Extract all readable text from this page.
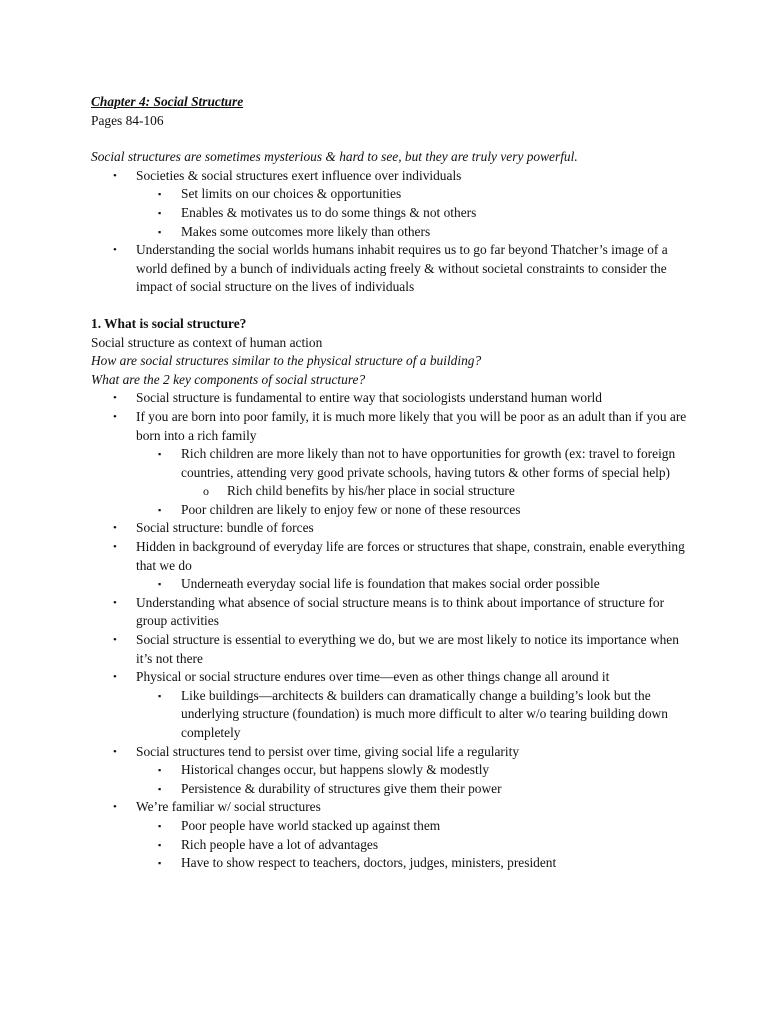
Chapter 4: Social Structure
Pages 84-106
Social structures are sometimes mysterious & hard to see, but they are truly very powerful.
• Societies & social structures exert influence over individuals
▪ Set limits on our choices & opportunities
▪ Enables & motivates us to do some things & not others
▪ Makes some outcomes more likely than others
• Understanding the social worlds humans inhabit requires us to go far beyond Thatcher’s image of a world defined by a bunch of individuals acting freely & without societal constraints to consider the impact of social structure on the lives of individuals
1. What is social structure?
Social structure as context of human action
How are social structures similar to the physical structure of a building?
What are the 2 key components of social structure?
• Social structure is fundamental to entire way that sociologists understand human world
• If you are born into poor family, it is much more likely that you will be poor as an adult than if you are born into a rich family
▪ Rich children are more likely than not to have opportunities for growth (ex: travel to foreign countries, attending very good private schools, having tutors & other forms of special help)
o Rich child benefits by his/her place in social structure
▪ Poor children are likely to enjoy few or none of these resources
• Social structure: bundle of forces
• Hidden in background of everyday life are forces or structures that shape, constrain, enable everything that we do
▪ Underneath everyday social life is foundation that makes social order possible
• Understanding what absence of social structure means is to think about importance of structure for group activities
• Social structure is essential to everything we do, but we are most likely to notice its importance when it’s not there
• Physical or social structure endures over time—even as other things change all around it
▪ Like buildings—architects & builders can dramatically change a building’s look but the underlying structure (foundation) is much more difficult to alter w/o tearing building down completely
• Social structures tend to persist over time, giving social life a regularity
▪ Historical changes occur, but happens slowly & modestly
▪ Persistence & durability of structures give them their power
• We’re familiar w/ social structures
▪ Poor people have world stacked up against them
▪ Rich people have a lot of advantages
▪ Have to show respect to teachers, doctors, judges, ministers, president
